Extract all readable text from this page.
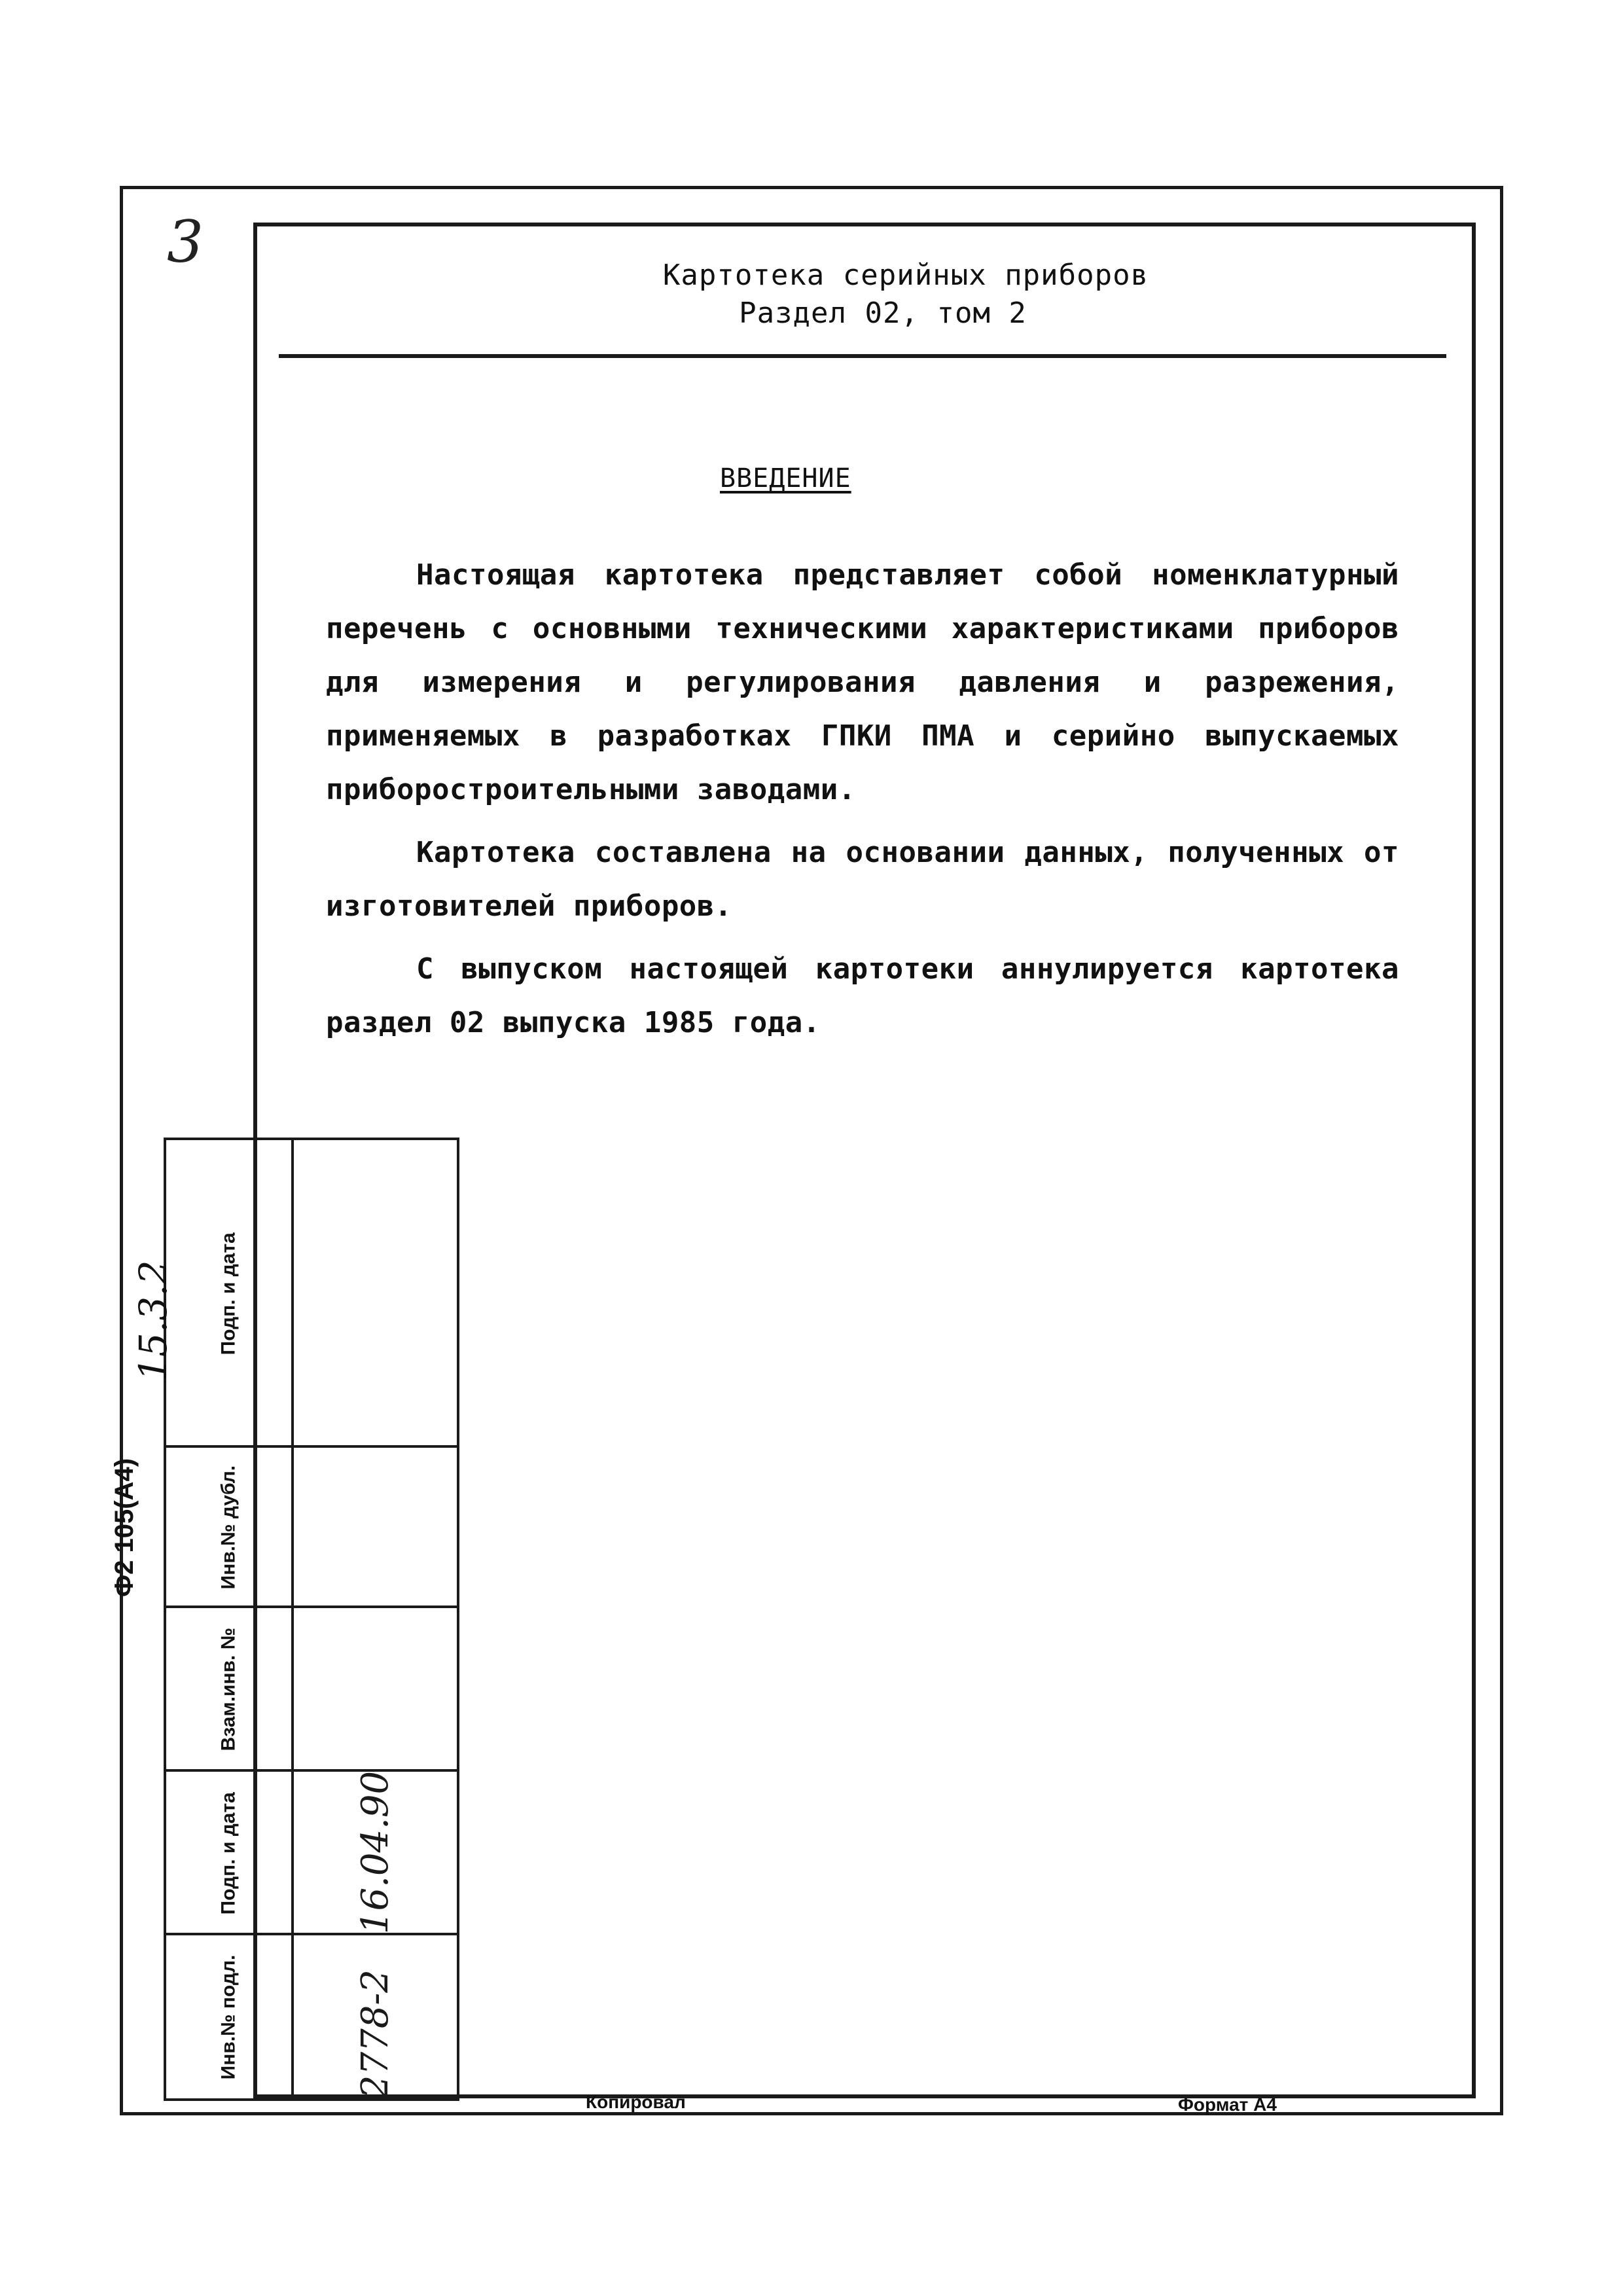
3	Картотека серийных приборов
Раздел 02, том 2
ВВЕДЕНИЕ

Настоящая картотека представляет собой номенклатурный перечень с основными техническими характеристиками приборов для измерения и регулирования давления и разрежения, применяемых в разработках ГПКИ ПМА и серийно выпускаемых приборостроительными заводами.

Картотека составлена на основании данных, полученных от изготовителей приборов.

С выпуском настоящей картотеки аннулируется картотека раздел 02 выпуска 1985 года.

Подп. и дата	

Инв.№ дубл.	

Взам.инв. №	

Подп. и дата	16.04.90

Инв.№ подл.	2778-2
Ф2 105(А4)
15.3.2
Копировал	Формат А4
